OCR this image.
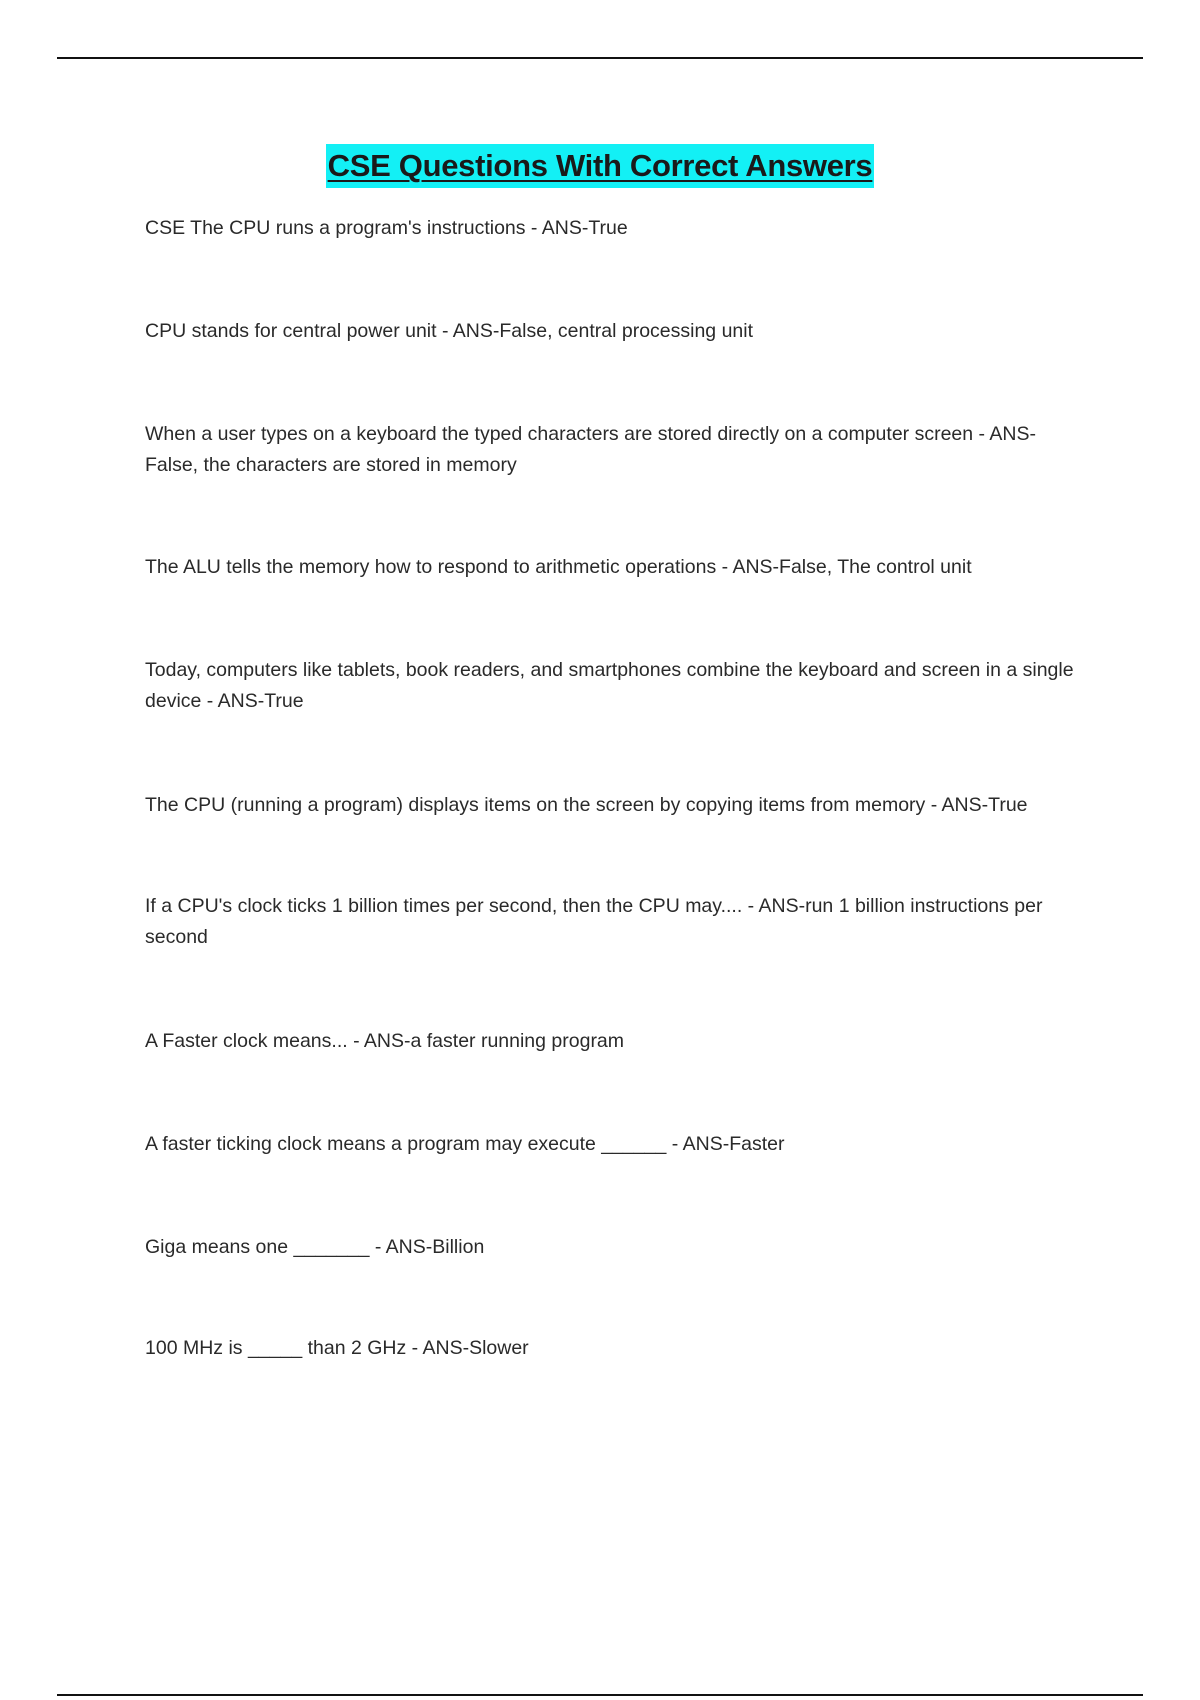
CSE Questions With Correct Answers

CSE The CPU runs a program's instructions - ANS-True

CPU stands for central power unit - ANS-False, central processing unit

When a user types on a keyboard the typed characters are stored directly on a computer screen - ANS-False, the characters are stored in memory

The ALU tells the memory how to respond to arithmetic operations - ANS-False, The control unit

Today, computers like tablets, book readers, and smartphones combine the keyboard and screen in a single device - ANS-True

The CPU (running a program) displays items on the screen by copying items from memory - ANS-True

If a CPU's clock ticks 1 billion times per second, then the CPU may.... - ANS-run 1 billion instructions per second

A Faster clock means... - ANS-a faster running program

A faster ticking clock means a program may execute ______ - ANS-Faster

Giga means one _______ - ANS-Billion

100 MHz is _____ than 2 GHz - ANS-Slower
